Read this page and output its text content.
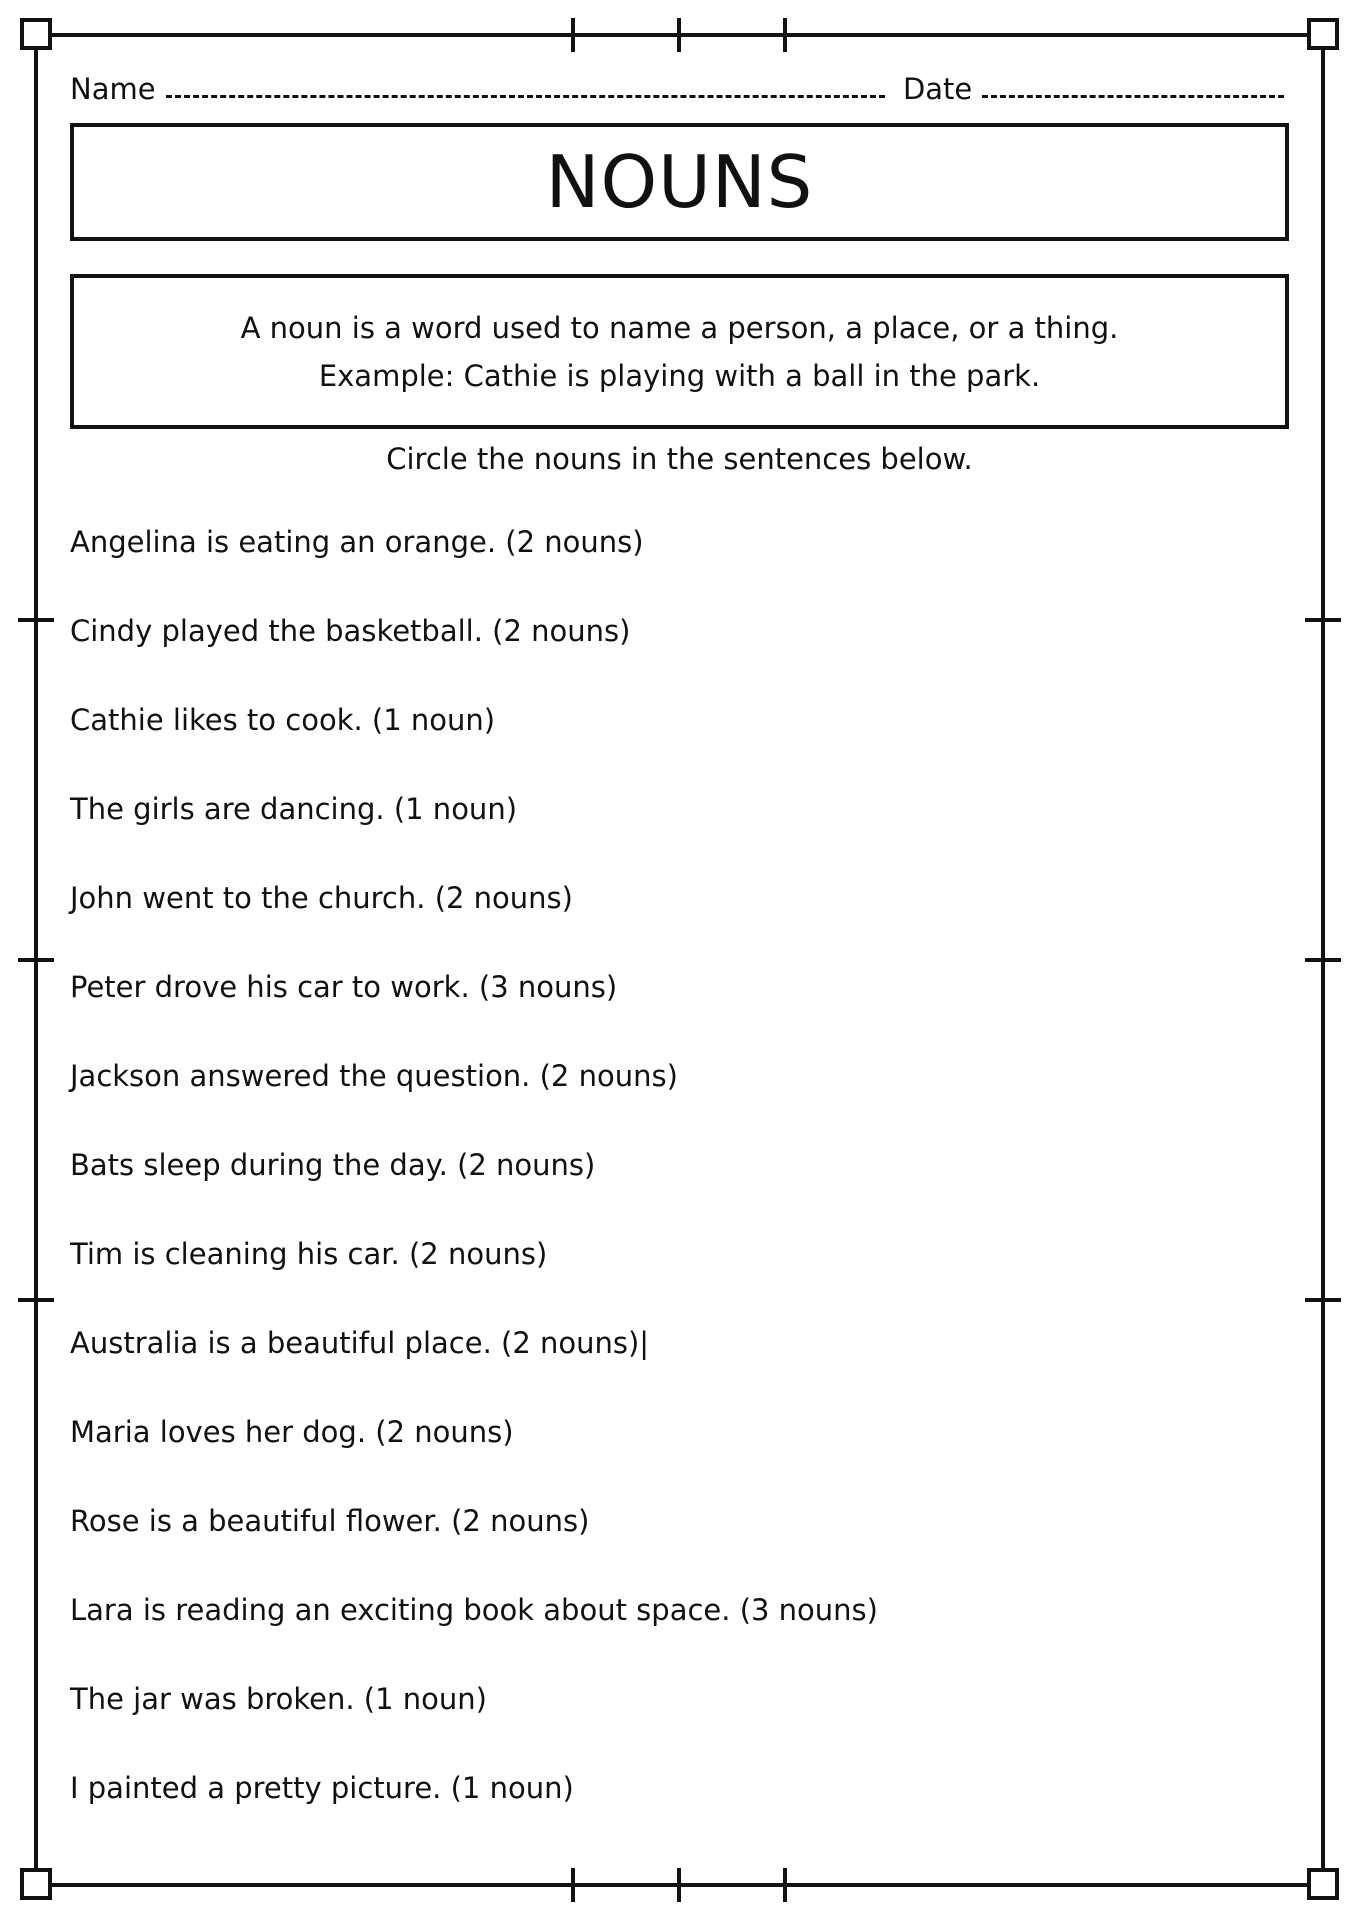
Name	Date
NOUNS
A noun is a word used to name a person, a place, or a thing.
Example: Cathie is playing with a ball in the park.
Circle the nouns in the sentences below.
Angelina is eating an orange. (2 nouns)
Cindy played the basketball. (2 nouns)
Cathie likes to cook. (1 noun)
The girls are dancing. (1 noun)
John went to the church. (2 nouns)
Peter drove his car to work. (3 nouns)
Jackson answered the question. (2 nouns)
Bats sleep during the day. (2 nouns)
Tim is cleaning his car. (2 nouns)
Australia is a beautiful place. (2 nouns)|
Maria loves her dog. (2 nouns)
Rose is a beautiful flower. (2 nouns)
Lara is reading an exciting book about space. (3 nouns)
The jar was broken. (1 noun)
I painted a pretty picture. (1 noun)
